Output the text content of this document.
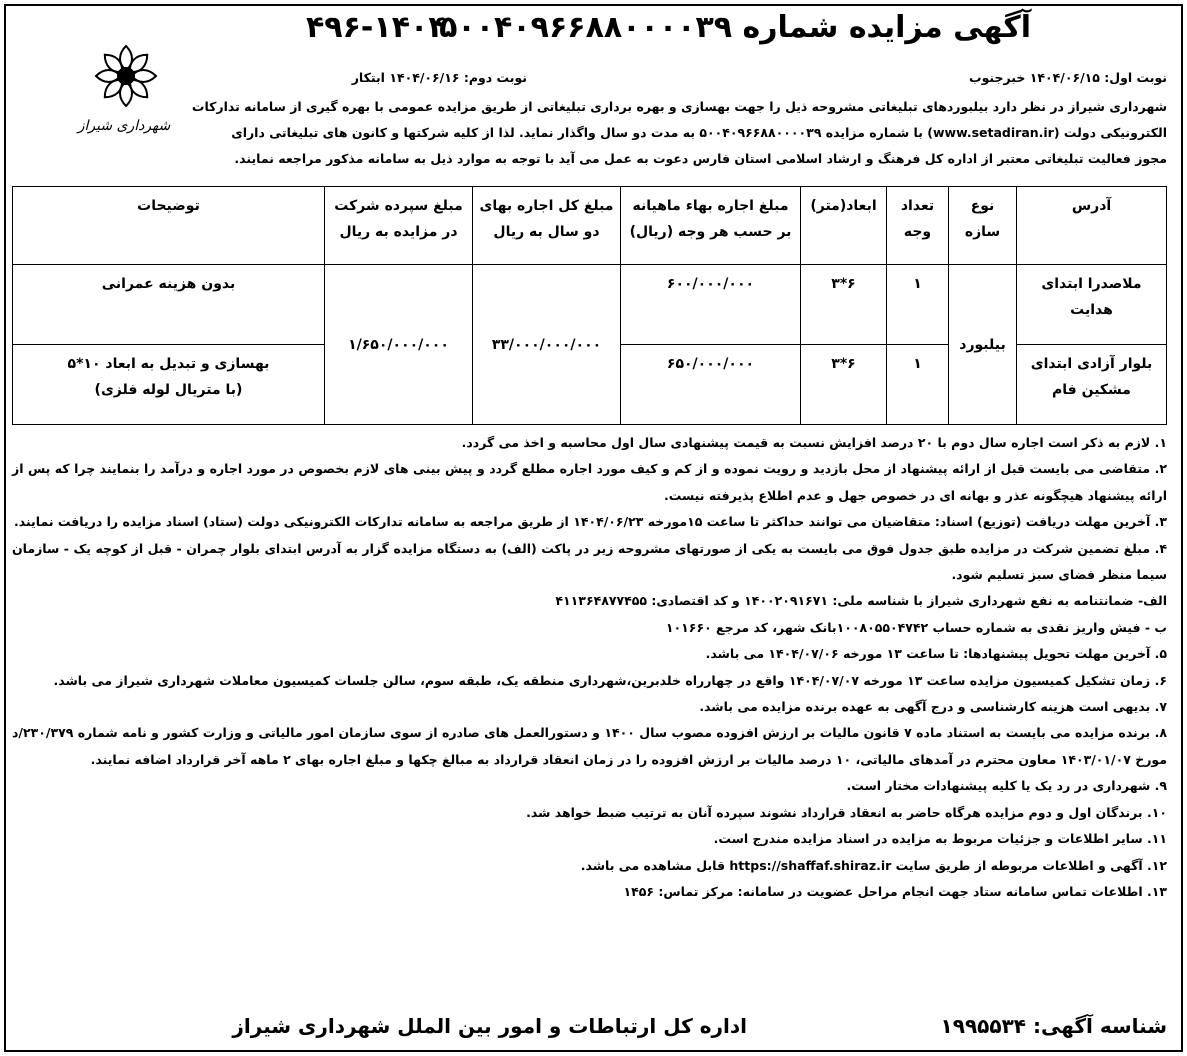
آگهی مزایده شماره ۵۰۰۴۰۹۶۶۸۸۰۰۰۰۳۹
۴۹۶-۱۴۰۴
شهرداری شیراز
نوبت اول: ۱۴۰۴/۰۶/۱۵ خبرجنوب
نوبت دوم: ۱۴۰۴/۰۶/۱۶ ابتکار
شهرداری شیراز در نظر دارد بیلبوردهای تبلیغاتی مشروحه ذیل را جهت بهسازی و بهره برداری تبلیغاتی از طریق مزایده عمومی با بهره گیری از سامانه تدارکات
الکترونیکی دولت (www.setadiran.ir) با شماره مزایده ۵۰۰۴۰۹۶۶۸۸۰۰۰۰۳۹ به مدت دو سال واگذار نماید. لذا از کلیه شرکتها و کانون های تبلیغاتی دارای
مجوز فعالیت تبلیغاتی معتبر از اداره کل فرهنگ و ارشاد اسلامی استان فارس دعوت به عمل می آید با توجه به موارد ذیل به سامانه مذکور مراجعه نمایند.
آدرس	نوع سازه	تعداد وجه	ابعاد(متر)	مبلغ اجاره بهاء ماهیانه بر حسب هر وجه (ریال)	مبلغ کل اجاره بهای دو سال به ریال	مبلغ سپرده شرکت در مزایده به ریال	توضیحات
ملاصدرا ابتدای هدایت	بیلبورد	۱	۶*۳	۶۰۰/۰۰۰/۰۰۰	۳۳/۰۰۰/۰۰۰/۰۰۰	۱/۶۵۰/۰۰۰/۰۰۰	بدون هزینه عمرانی

بلوار آزادی ابتدای مشکین فام		۱	۶*۳	۶۵۰/۰۰۰/۰۰۰			بهسازی و تبدیل به ابعاد ۱۰*۵
(با متریال لوله فلزی)

۱. لازم به ذکر است اجاره سال دوم با ۲۰ درصد افزایش نسبت به قیمت پیشنهادی سال اول محاسبه و اخذ می گردد.

۲. متقاضی می بایست قبل از ارائه پیشنهاد از محل بازدید و رویت نموده و از کم و کیف مورد اجاره مطلع گردد و پیش بینی های لازم بخصوص در مورد اجاره و درآمد را بنمایند چرا که پس از ارائه پیشنهاد هیچگونه عذر و بهانه ای در خصوص جهل و عدم اطلاع پذیرفته نیست.

۳. آخرین مهلت دریافت (توزیع) اسناد: متقاضیان می توانند حداکثر تا ساعت ۱۵مورخه ۱۴۰۴/۰۶/۲۳ از طریق مراجعه به سامانه تدارکات الکترونیکی دولت (ستاد) اسناد مزایده را دریافت نمایند.

۴. مبلغ تضمین شرکت در مزایده طبق جدول فوق می بایست به یکی از صورتهای مشروحه زیر در پاکت (الف) به دستگاه مزایده گزار به آدرس ابتدای بلوار چمران - قبل از کوچه یک - سازمان سیما منظر فضای سبز تسلیم شود.

الف- ضمانتنامه به نفع شهرداری شیراز با شناسه ملی: ۱۴۰۰۲۰۹۱۶۷۱ و کد اقتصادی: ۴۱۱۳۶۴۸۷۷۴۵۵

ب - فیش واریز نقدی به شماره حساب ۱۰۰۸۰۵۵۰۴۷۴۲بانک شهر، کد مرجع ۱۰۱۶۶۰

۵. آخرین مهلت تحویل پیشنهادها: تا ساعت ۱۳ مورخه ۱۴۰۴/۰۷/۰۶ می باشد.

۶. زمان تشکیل کمیسیون مزایده ساعت ۱۳ مورخه ۱۴۰۴/۰۷/۰۷ واقع در چهارراه خلدبرین،شهرداری منطقه یک، طبقه سوم، سالن جلسات کمیسیون معاملات شهرداری شیراز می باشد.

۷. بدیهی است هزینه کارشناسی و درج آگهی به عهده برنده مزایده می باشد.

۸. برنده مزایده می بایست به استناد ماده ۷ قانون مالیات بر ارزش افزوده مصوب سال ۱۴۰۰ و دستورالعمل های صادره از سوی سازمان امور مالیاتی و وزارت کشور و نامه شماره ۲۳۰/۳۷۹/د مورخ ۱۴۰۳/۰۱/۰۷ معاون محترم در آمدهای مالیاتی، ۱۰ درصد مالیات بر ارزش افزوده را در زمان انعقاد قرارداد به مبالغ چکها و مبلغ اجاره بهای ۲ ماهه آخر قرارداد اضافه نمایند.

۹. شهرداری در رد یک یا کلیه پیشنهادات مختار است.

۱۰. برندگان اول و دوم مزایده هرگاه حاضر به انعقاد قرارداد نشوند سپرده آنان به ترتیب ضبط خواهد شد.

۱۱. سایر اطلاعات و جزئیات مربوط به مزایده در اسناد مزایده مندرج است.

۱۲. آگهی و اطلاعات مربوطه از طریق سایت https://shaffaf.shiraz.ir قابل مشاهده می باشد.

۱۳. اطلاعات تماس سامانه ستاد جهت انجام مراحل عضویت در سامانه: مرکز تماس: ۱۴۵۶

شناسه آگهی: ۱۹۹۵۵۳۴
اداره کل ارتباطات و امور بین الملل شهرداری شیراز
